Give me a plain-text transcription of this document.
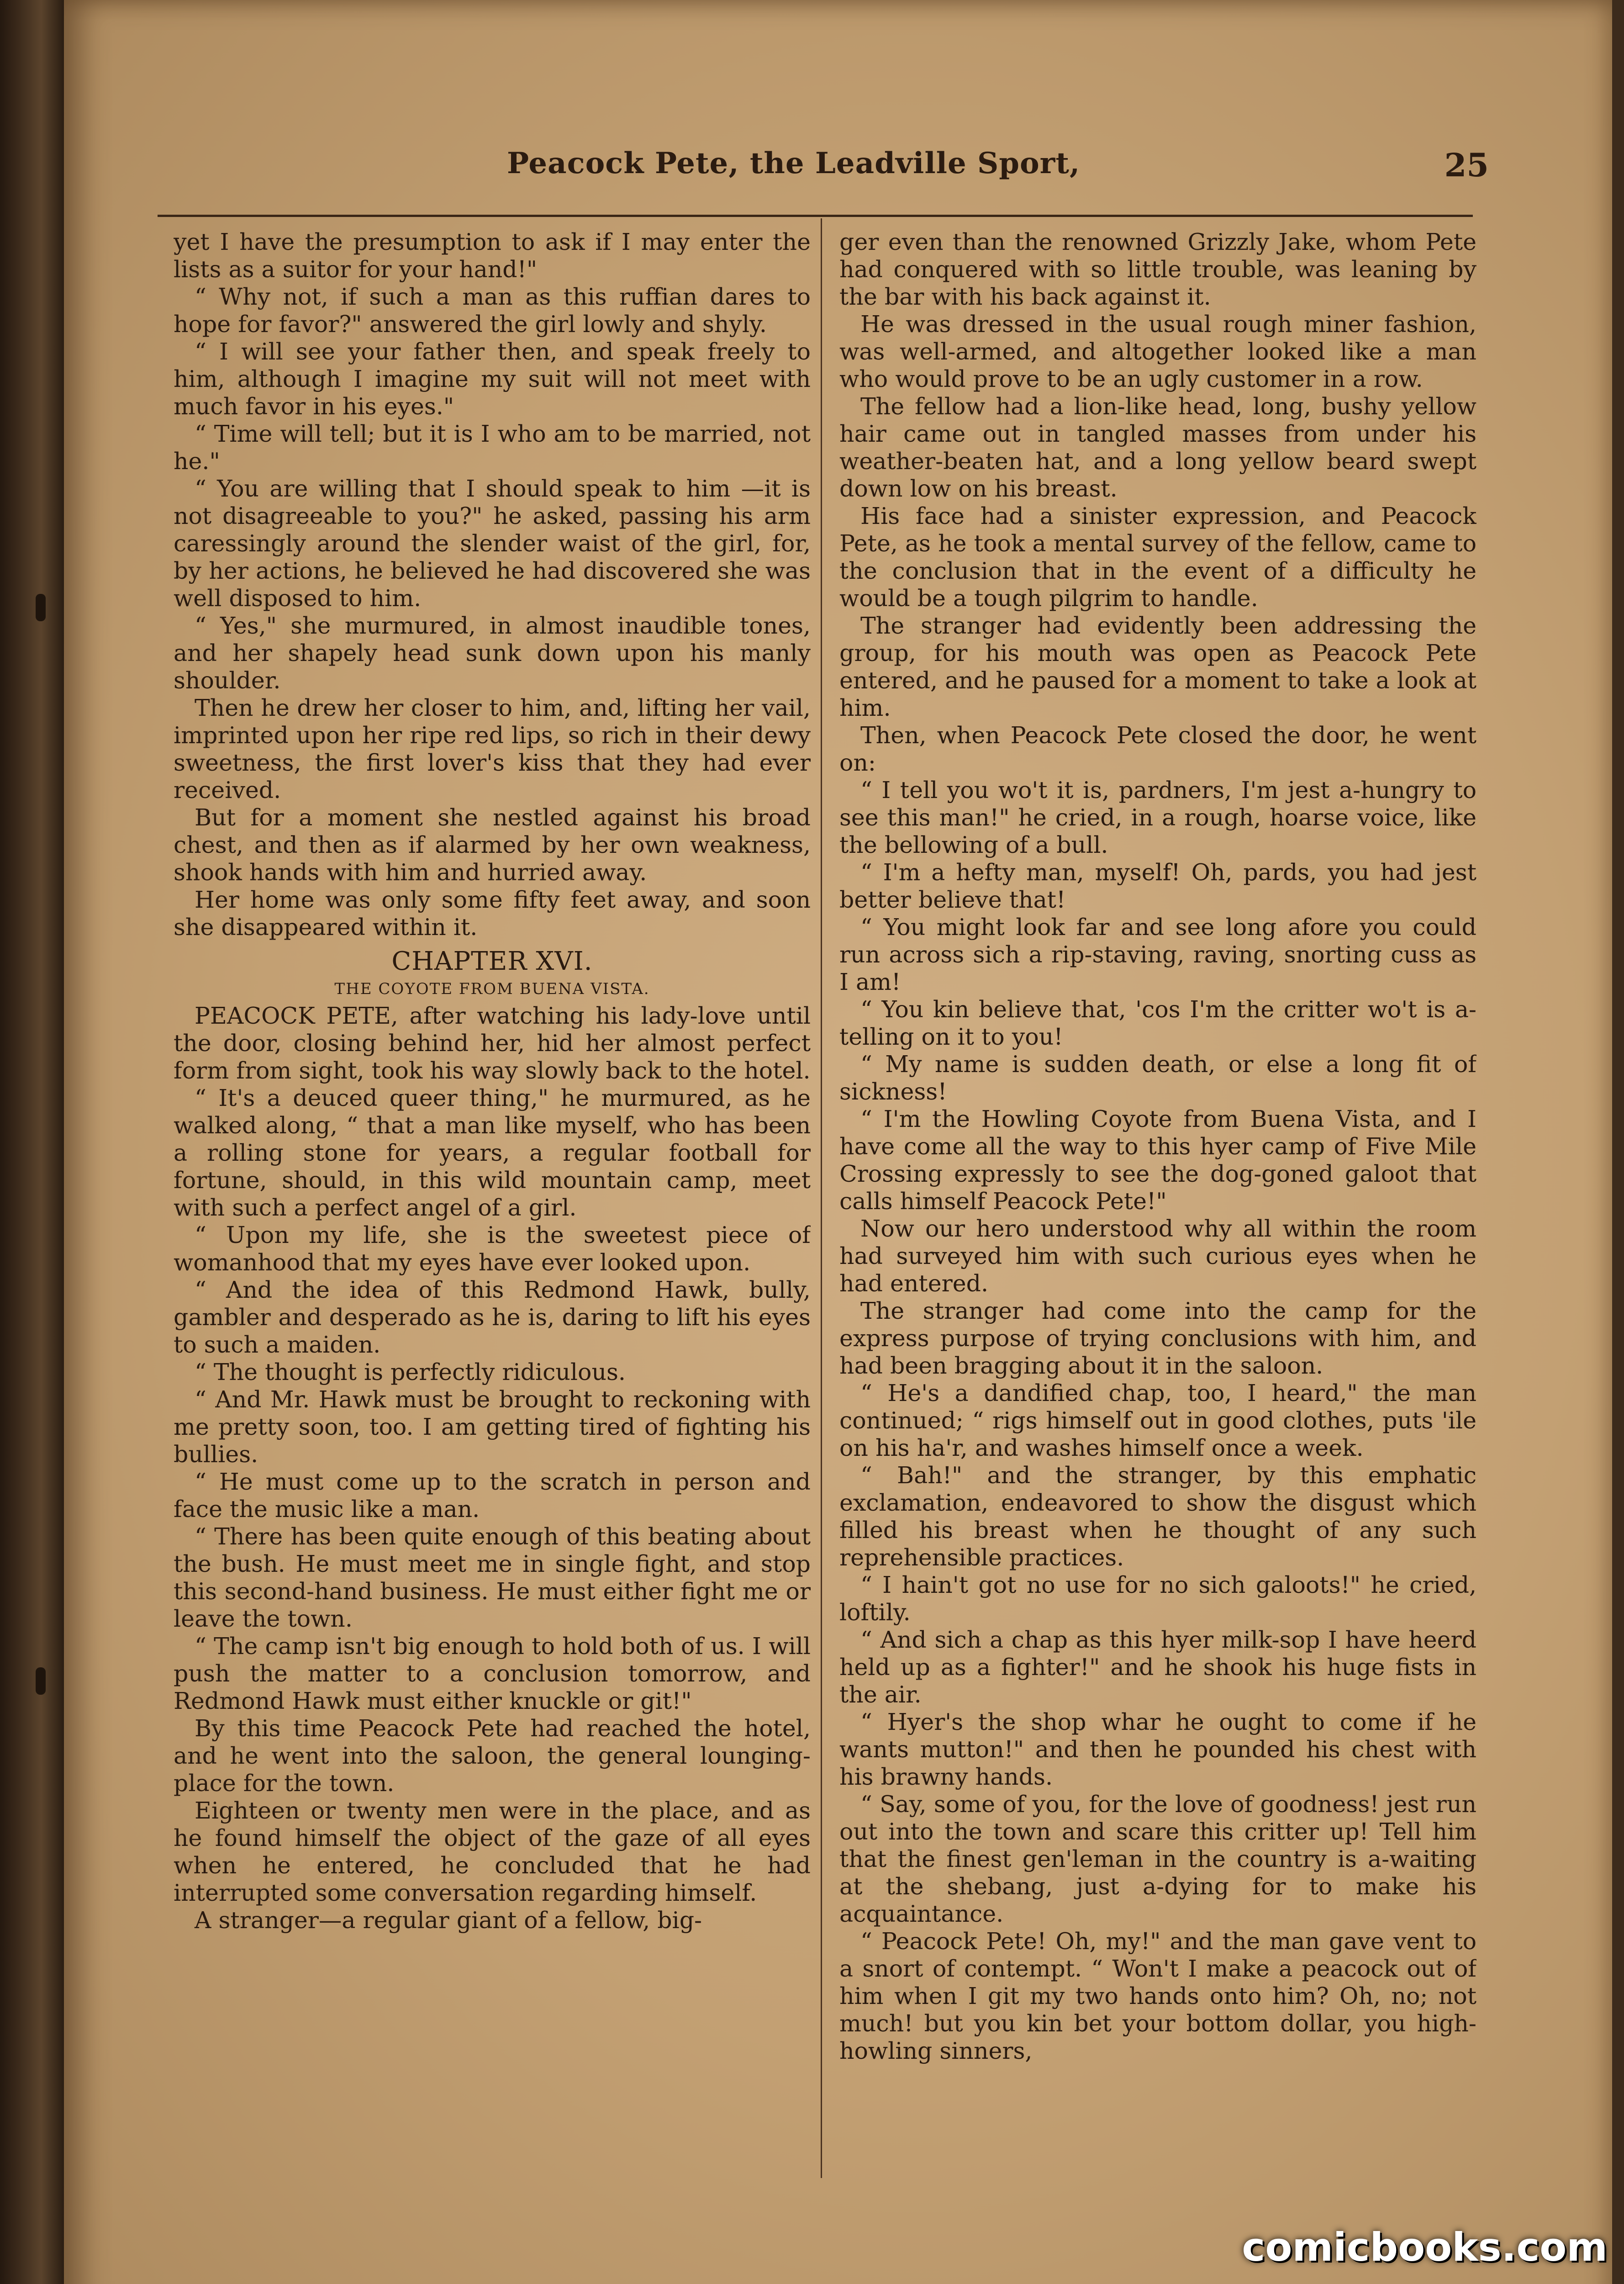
Peacock Pete, the Leadville Sport,	25

yet I have the presumption to ask if I may enter the lists as a suitor for your hand!"

“ Why not, if such a man as this ruffian dares to hope for favor?" answered the girl lowly and shyly.

“ I will see your father then, and speak freely to him, although I imagine my suit will not meet with much favor in his eyes."

“ Time will tell; but it is I who am to be married, not he."

“ You are willing that I should speak to him —it is not disagreeable to you?" he asked, passing his arm caressingly around the slender waist of the girl, for, by her actions, he believed he had discovered she was well disposed to him.

“ Yes," she murmured, in almost inaudible tones, and her shapely head sunk down upon his manly shoulder.

Then he drew her closer to him, and, lifting her vail, imprinted upon her ripe red lips, so rich in their dewy sweetness, the first lover's kiss that they had ever received.

But for a moment she nestled against his broad chest, and then as if alarmed by her own weakness, shook hands with him and hurried away.

Her home was only some fifty feet away, and soon she disappeared within it.

CHAPTER XVI.
THE COYOTE FROM BUENA VISTA.

PEACOCK PETE, after watching his lady-love until the door, closing behind her, hid her almost perfect form from sight, took his way slowly back to the hotel.

“ It's a deuced queer thing," he murmured, as he walked along, “ that a man like myself, who has been a rolling stone for years, a regular football for fortune, should, in this wild mountain camp, meet with such a perfect angel of a girl.

“ Upon my life, she is the sweetest piece of womanhood that my eyes have ever looked upon.

“ And the idea of this Redmond Hawk, bully, gambler and desperado as he is, daring to lift his eyes to such a maiden.

“ The thought is perfectly ridiculous.

“ And Mr. Hawk must be brought to reckoning with me pretty soon, too. I am getting tired of fighting his bullies.

“ He must come up to the scratch in person and face the music like a man.

“ There has been quite enough of this beating about the bush. He must meet me in single fight, and stop this second-hand business. He must either fight me or leave the town.

“ The camp isn't big enough to hold both of us. I will push the matter to a conclusion tomorrow, and Redmond Hawk must either knuckle or git!"

By this time Peacock Pete had reached the hotel, and he went into the saloon, the general lounging-place for the town.

Eighteen or twenty men were in the place, and as he found himself the object of the gaze of all eyes when he entered, he concluded that he had interrupted some conversation regarding himself.

A stranger—a regular giant of a fellow, big-

ger even than the renowned Grizzly Jake, whom Pete had conquered with so little trouble, was leaning by the bar with his back against it.

He was dressed in the usual rough miner fashion, was well-armed, and altogether looked like a man who would prove to be an ugly customer in a row.

The fellow had a lion-like head, long, bushy yellow hair came out in tangled masses from under his weather-beaten hat, and a long yellow beard swept down low on his breast.

His face had a sinister expression, and Peacock Pete, as he took a mental survey of the fellow, came to the conclusion that in the event of a difficulty he would be a tough pilgrim to handle.

The stranger had evidently been addressing the group, for his mouth was open as Peacock Pete entered, and he paused for a moment to take a look at him.

Then, when Peacock Pete closed the door, he went on:

“ I tell you wo't it is, pardners, I'm jest a-hungry to see this man!" he cried, in a rough, hoarse voice, like the bellowing of a bull.

“ I'm a hefty man, myself! Oh, pards, you had jest better believe that!

“ You might look far and see long afore you could run across sich a rip-staving, raving, snorting cuss as I am!

“ You kin believe that, 'cos I'm the critter wo't is a-telling on it to you!

“ My name is sudden death, or else a long fit of sickness!

“ I'm the Howling Coyote from Buena Vista, and I have come all the way to this hyer camp of Five Mile Crossing expressly to see the dog-goned galoot that calls himself Peacock Pete!"

Now our hero understood why all within the room had surveyed him with such curious eyes when he had entered.

The stranger had come into the camp for the express purpose of trying conclusions with him, and had been bragging about it in the saloon.

“ He's a dandified chap, too, I heard," the man continued; “ rigs himself out in good clothes, puts 'ile on his ha'r, and washes himself once a week.

“ Bah!" and the stranger, by this emphatic exclamation, endeavored to show the disgust which filled his breast when he thought of any such reprehensible practices.

“ I hain't got no use for no sich galoots!" he cried, loftily.

“ And sich a chap as this hyer milk-sop I have heerd held up as a fighter!" and he shook his huge fists in the air.

“ Hyer's the shop whar he ought to come if he wants mutton!" and then he pounded his chest with his brawny hands.

“ Say, some of you, for the love of goodness! jest run out into the town and scare this critter up! Tell him that the finest gen'leman in the country is a-waiting at the shebang, just a-dying for to make his acquaintance.

“ Peacock Pete! Oh, my!" and the man gave vent to a snort of contempt. “ Won't I make a peacock out of him when I git my two hands onto him? Oh, no; not much! but you kin bet your bottom dollar, you high-howling sinners,

comicbooks.com
